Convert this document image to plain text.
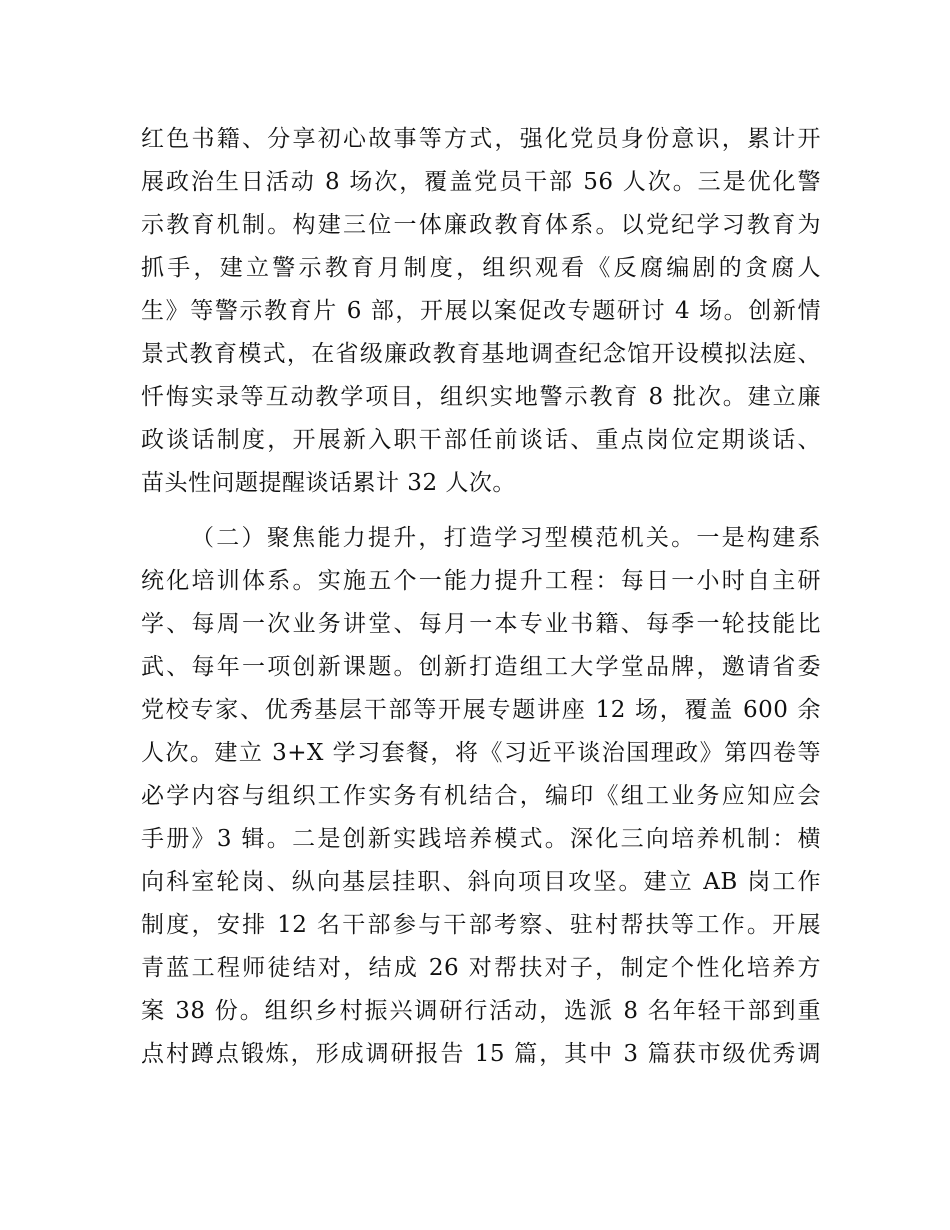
红色书籍、分享初心故事等方式，强化党员身份意识，累计开
展政治生日活动 8 场次，覆盖党员干部 56 人次。三是优化警
示教育机制。构建三位一体廉政教育体系。以党纪学习教育为
抓手，建立警示教育月制度，组织观看《反腐编剧的贪腐人
生》等警示教育片 6 部，开展以案促改专题研讨 4 场。创新情
景式教育模式，在省级廉政教育基地调查纪念馆开设模拟法庭、
忏悔实录等互动教学项目，组织实地警示教育 8 批次。建立廉
政谈话制度，开展新入职干部任前谈话、重点岗位定期谈话、
苗头性问题提醒谈话累计 32 人次。
（二）聚焦能力提升，打造学习型模范机关。一是构建系
统化培训体系。实施五个一能力提升工程：每日一小时自主研
学、每周一次业务讲堂、每月一本专业书籍、每季一轮技能比
武、每年一项创新课题。创新打造组工大学堂品牌，邀请省委
党校专家、优秀基层干部等开展专题讲座 12 场，覆盖 600 余
人次。建立 3+X 学习套餐，将《习近平谈治国理政》第四卷等
必学内容与组织工作实务有机结合，编印《组工业务应知应会
手册》3 辑。二是创新实践培养模式。深化三向培养机制：横
向科室轮岗、纵向基层挂职、斜向项目攻坚。建立 AB 岗工作
制度，安排 12 名干部参与干部考察、驻村帮扶等工作。开展
青蓝工程师徒结对，结成 26 对帮扶对子，制定个性化培养方
案 38 份。组织乡村振兴调研行活动，选派 8 名年轻干部到重
点村蹲点锻炼，形成调研报告 15 篇，其中 3 篇获市级优秀调
